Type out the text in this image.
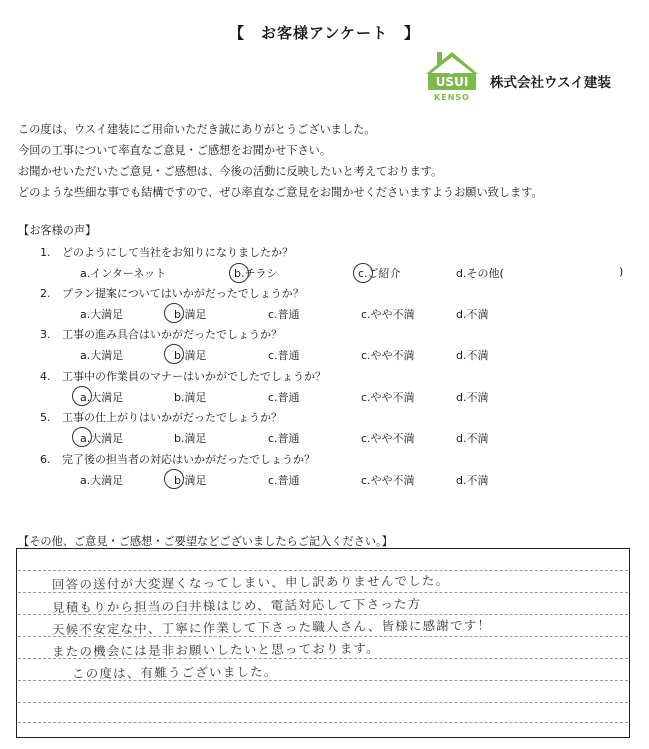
【　お客様アンケート　】
USUI
KENSO
株式会社ウスイ建装
この度は、ウスイ建装にご用命いただき誠にありがとうございました。
今回の工事について率直なご意見・ご感想をお聞かせ下さい。
お聞かせいただいたご意見・ご感想は、今後の活動に反映したいと考えております。
どのような些細な事でも結構ですので、ぜひ率直なご意見をお聞かせくださいますようお願い致します。
【お客様の声】
1. どのようにして当社をお知りになりましたか？
a.インターネット	b.チラシ	c.ご紹介	d.その他(	)
2. プラン提案についてはいかがだったでしょうか？
a.大満足	b.満足	c.普通	c.やや不満	d.不満
3. 工事の進み具合はいかがだったでしょうか？
a.大満足	b.満足	c.普通	c.やや不満	d.不満
4. 工事中の作業員のマナーはいかがでしたでしょうか？
a.大満足	b.満足	c.普通	c.やや不満	d.不満
5. 工事の仕上がりはいかがだったでしょうか？
a.大満足	b.満足	c.普通	c.やや不満	d.不満
6. 完了後の担当者の対応はいかがだったでしょうか？
a.大満足	b.満足	c.普通	c.やや不満	d.不満
【その他、ご意見・ご感想・ご要望などございましたらご記入ください。】
回答の送付が大変遅くなってしまい、申し訳ありませんでした。
見積もりから担当の臼井様はじめ、電話対応して下さった方
天候不安定な中、丁寧に作業して下さった職人さん、皆様に感謝です！
またの機会には是非お願いしたいと思っております。
この度は、有難うございました。
